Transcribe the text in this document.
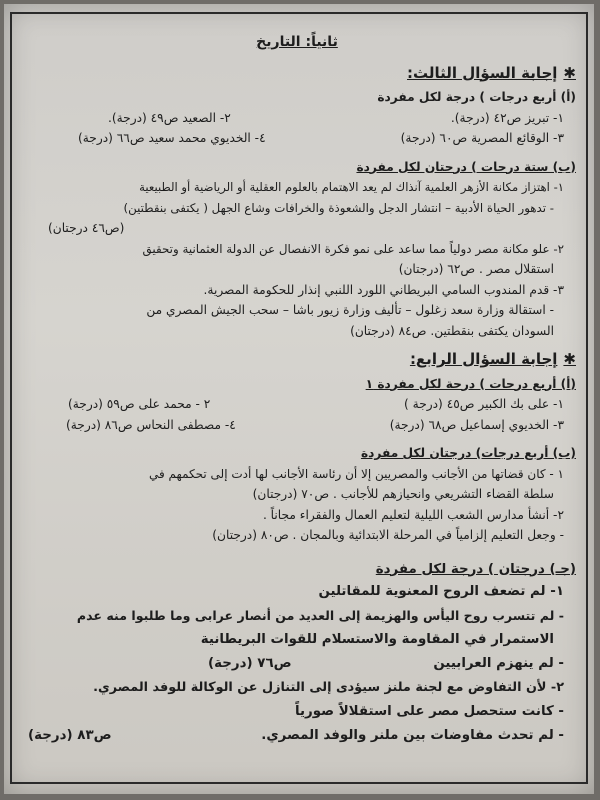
ثانياً: التاريخ
✱إجابة السؤال الثالث:
(أ) أربع درجات ) درجة لكل مفردة
١- تبريز ص٤٢ (درجة).
٢- الصعيد ص٤٩ (درجة).
٣- الوقائع المصرية ص٦٠ (درجة)
٤- الخديوي محمد سعيد ص٦٦ (درجة)
(ب) ستة درجات ) درجتان لكل مفردة
١- اهتزاز مكانة الأزهر العلمية آنذاك لم يعد الاهتمام بالعلوم العقلية أو الرياضية أو الطبيعية
- تدهور الحياة الأدبية – انتشار الدجل والشعوذة والخرافات وشاع الجهل ( يكتفى بنقطتين)
(ص٤٦ درجتان)
٢- علو مكانة مصر دولياً مما ساعد على نمو فكرة الانفصال عن الدولة العثمانية وتحقيق
استقلال مصر . ص٦٢ (درجتان)
٣- قدم المندوب السامي البريطاني اللورد اللنبي إنذار للحكومة المصرية.
- استقالة وزارة سعد زغلول – تأليف وزارة زيور باشا – سحب الجيش المصري من
السودان يكتفى بنقطتين. ص٨٤ (درجتان)
✱إجابة السؤال الرابع:
(أ) أربع درجات ) درجة لكل مفردة ١
١- على بك الكبير ص٤٥ (درجة )
٢ - محمد على ص٥٩ (درجة)
٣- الخديوي إسماعيل ص٦٨ (درجة)
٤- مصطفى النحاس ص٨٦ (درجة)
(ب) أربع درجات) درجتان لكل مفردة
١ - كان قضاتها من الأجانب والمصريين إلا أن رئاسة الأجانب لها أدت إلى تحكمهم في
سلطة القضاء التشريعي وانحيازهم للأجانب . ص٧٠ (درجتان)
٢- أنشأ مدارس الشعب الليلية لتعليم العمال والفقراء مجاناً .
- وجعل التعليم إلزامياً في المرحلة الابتدائية وبالمجان . ص٨٠ (درجتان)
(جـ) درجتان ) درجة لكل مفردة
١- لم تضعف الروح المعنوية للمقاتلين
- لم تتسرب روح اليأس والهزيمة إلى العديد من أنصار عرابى وما طلبوا منه عدم
الاستمرار في المقاومة والاستسلام للقوات البريطانية
- لم ينهزم العرابيين
ص٧٦ (درجة)
٢- لأن التفاوض مع لجنة ملنز سيؤدى إلى التنازل عن الوكالة للوفد المصري.
- كانت ستحصل مصر على استقلالاً صورياً
- لم تحدث مفاوضات بين ملنر والوفد المصري.
ص٨٣ (درجة)
